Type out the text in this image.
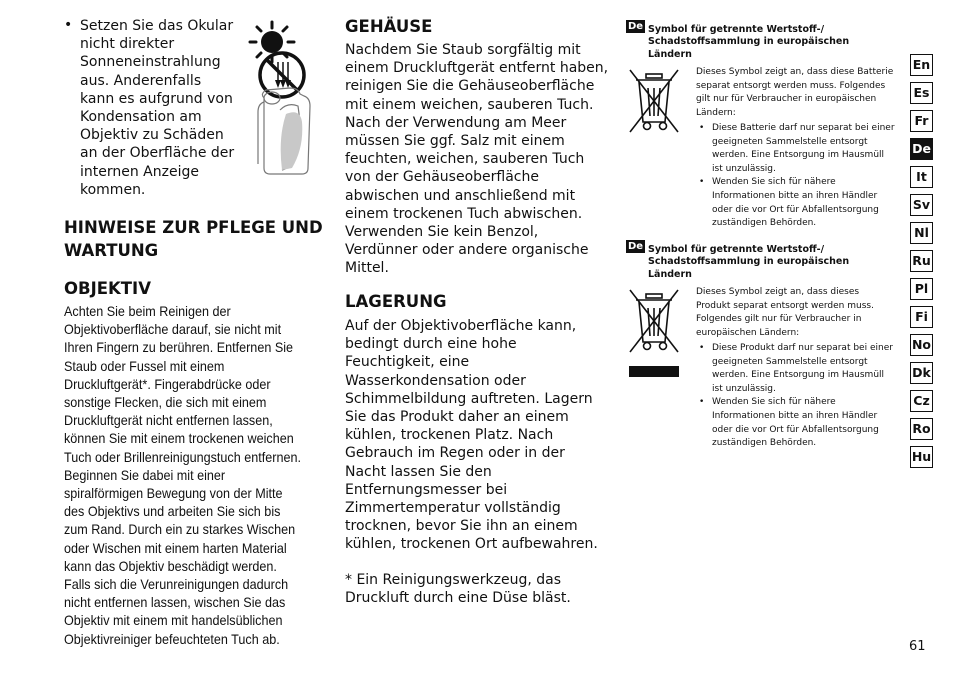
• Setzen Sie das Okular nicht direkter Sonneneinstrahlung aus. Anderenfalls kann es aufgrund von Kondensation am Objektiv zu Schäden an der Oberfläche der internen Anzeige kommen.
HINWEISE ZUR PFLEGE UND WARTUNG
OBJEKTIV
Achten Sie beim Reinigen der Objektivoberfläche darauf, sie nicht mit Ihren Fingern zu berühren. Entfernen Sie Staub oder Fussel mit einem Druckluftgerät*. Fingerabdrücke oder sonstige Flecken, die sich mit einem Druckluftgerät nicht entfernen lassen, können Sie mit einem trockenen weichen Tuch oder Brillenreinigungstuch entfernen. Beginnen Sie dabei mit einer spiralförmigen Bewegung von der Mitte des Objektivs und arbeiten Sie sich bis zum Rand. Durch ein zu starkes Wischen oder Wischen mit einem harten Material kann das Objektiv beschädigt werden. Falls sich die Verunreinigungen dadurch nicht entfernen lassen, wischen Sie das Objektiv mit einem mit handelsüblichen Objektivreiniger befeuchteten Tuch ab.
GEHÄUSE
Nachdem Sie Staub sorgfältig mit einem Druckluftgerät entfernt haben, reinigen Sie die Gehäuseoberfläche mit einem weichen, sauberen Tuch. Nach der Verwendung am Meer müssen Sie ggf. Salz mit einem feuchten, weichen, sauberen Tuch von der Gehäuseoberfläche abwischen und anschließend mit einem trockenen Tuch abwischen. Verwenden Sie kein Benzol, Verdünner oder andere organische Mittel.
LAGERUNG
Auf der Objektivoberfläche kann, bedingt durch eine hohe Feuchtigkeit, eine Wasserkondensation oder Schimmelbildung auftreten. Lagern Sie das Produkt daher an einem kühlen, trockenen Platz. Nach Gebrauch im Regen oder in der Nacht lassen Sie den Entfernungsmesser bei Zimmertemperatur vollständig trocknen, bevor Sie ihn an einem kühlen, trockenen Ort aufbewahren.
* Ein Reinigungswerkzeug, das Druckluft durch eine Düse bläst.
De Symbol für getrennte Wertstoff-/ Schadstoffsammlung in europäischen Ländern
Dieses Symbol zeigt an, dass diese Batterie separat entsorgt werden muss. Folgendes gilt nur für Verbraucher in europäischen Ländern:
• Diese Batterie darf nur separat bei einer geeigneten Sammelstelle entsorgt werden. Eine Entsorgung im Hausmüll ist unzulässig.
• Wenden Sie sich für nähere Informationen bitte an ihren Händler oder die vor Ort für Abfallentsorgung zuständigen Behörden.
De Symbol für getrennte Wertstoff-/ Schadstoffsammlung in europäischen Ländern
Dieses Symbol zeigt an, dass dieses Produkt separat entsorgt werden muss. Folgendes gilt nur für Verbraucher in europäischen Ländern:
• Diese Produkt darf nur separat bei einer geeigneten Sammelstelle entsorgt werden. Eine Entsorgung im Hausmüll ist unzulässig.
• Wenden Sie sich für nähere Informationen bitte an ihren Händler oder die vor Ort für Abfallentsorgung zuständigen Behörden.
En
Es
Fr
De
It
Sv
Nl
Ru
Pl
Fi
No
Dk
Cz
Ro
Hu
61
